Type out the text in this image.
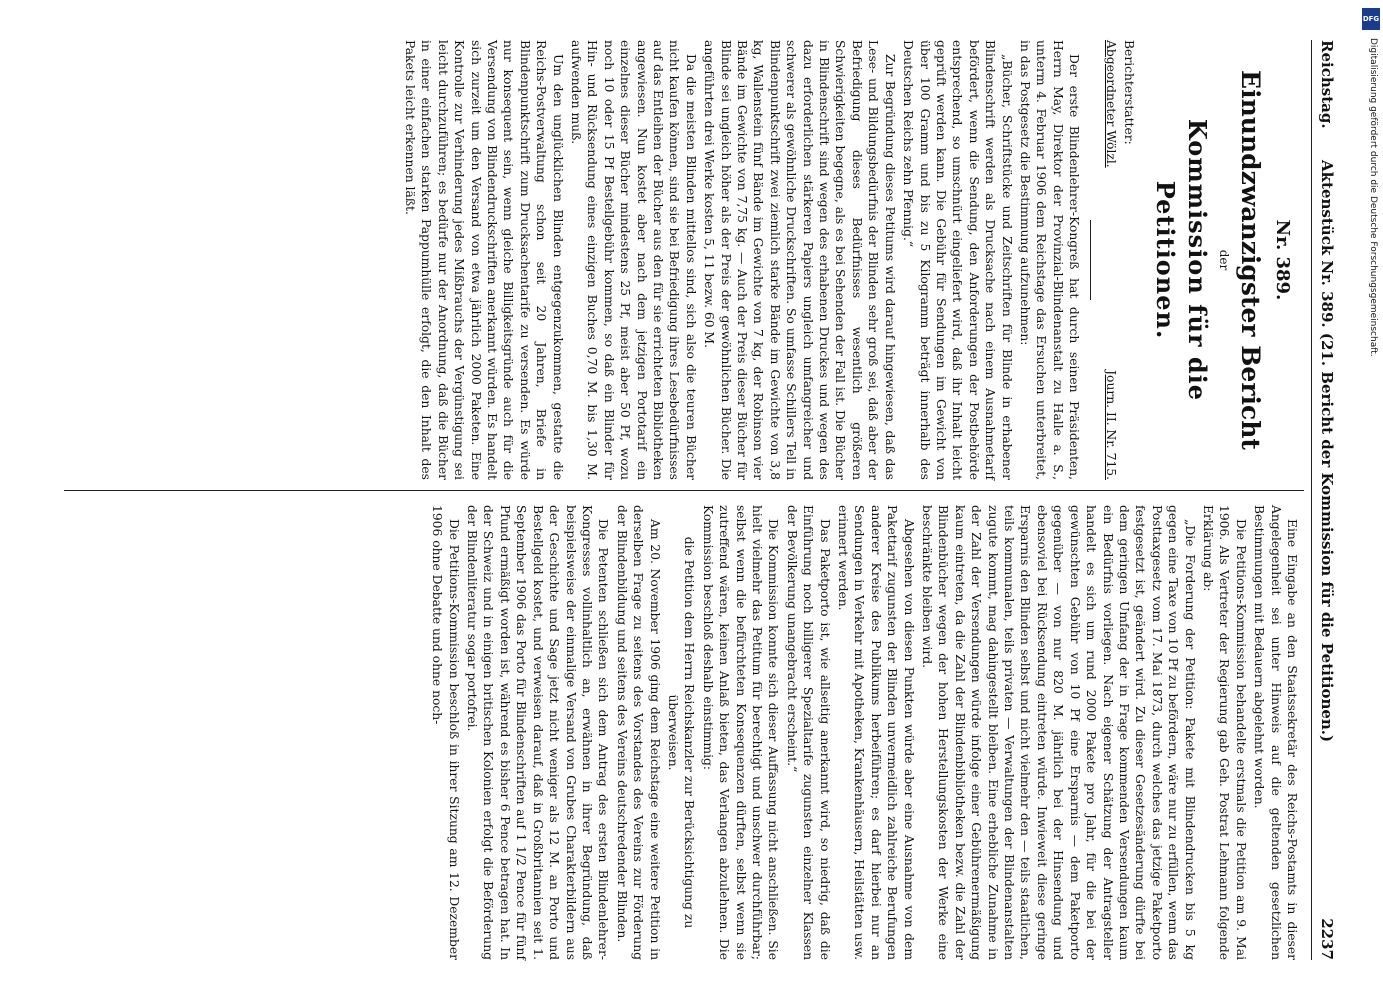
Reichstag.
Aktenstück Nr. 389. (21. Bericht der Kommission für die Petitionen.)
2237
Nr. 389.
Einundzwanzigster Bericht
der
Kommission für die Petitionen.
Berichterstatter:
Abgeordneter Wölzl.
Journ. II. Nr. 715.

Der erste Blindenlehrer-Kongreß hat durch seinen Präsidenten, Herrn May, Direktor der Provinzial-Blindenanstalt zu Halle a. S., unterm 4. Februar 1906 dem Reichstage das Ersuchen unterbreitet, in das Postgesetz die Bestimmung aufzunehmen:

„Bücher, Schriftstücke und Zeitschriften für Blinde in erhabener Blindenschrift werden als Drucksache nach einem Ausnahmetarif befördert, wenn die Sendung, den Anforderungen der Postbehörde entsprechend, so umschnürt eingeliefert wird, daß ihr Inhalt leicht geprüft werden kann. Die Gebühr für Sendungen im Gewicht von über 100 Gramm und bis zu 5 Kilogramm beträgt innerhalb des Deutschen Reichs zehn Pfennig.“

Zur Begründung dieses Petitums wird darauf hingewiesen, daß das Lese- und Bildungsbedürfnis der Blinden sehr groß sei, daß aber der Befriedigung dieses Bedürfnisses wesentlich größeren Schwierigkeiten begegne, als es bei Sehenden der Fall ist. Die Bücher in Blindenschrift sind wegen des erhabenen Druckes und wegen des dazu erforderlichen stärkeren Papiers ungleich umfangreicher und schwerer als gewöhnliche Druckschriften. So umfasse Schillers Tell in Blindenpunktschrift zwei ziemlich starke Bände im Gewichte von 3,8 kg, Wallenstein fünf Bände im Gewichte von 7 kg, der Robinson vier Bände im Gewichte von 7,75 kg. — Auch der Preis dieser Bücher für Blinde sei ungleich höher als der Preis der gewöhnlichen Bücher. Die angeführten drei Werke kosten 5, 11 bezw. 60 M.

Da die meisten Blinden mittellos sind, sich also die teuren Bücher nicht kaufen können, sind sie bei Befriedigung ihres Lesebedürfnisses auf das Entleihen der Bücher aus den für sie errichteten Bibliotheken angewiesen. Nun kostet aber nach dem jetzigen Portotarif ein einzelnes dieser Bücher mindestens 25 Pf, meist aber 50 Pf, wozu noch 10 oder 15 Pf Bestellgebühr kommen, so daß ein Blinder für Hin- und Rücksendung eines einzigen Buches 0,70 M. bis 1,30 M. aufwenden muß.

Um den unglücklichen Blinden entgegenzukommen, gestatte die Reichs-Postverwaltung schon seit 20 Jahren, Briefe in Blindenpunktschrift zum Drucksachentarife zu versenden. Es würde nur konsequent sein, wenn gleiche Billigkeitsgründe auch für die Versendung von Blindendruckschriften anerkannt würden. Es handelt sich zurzeit um den Versand von etwa jährlich 2000 Paketen. Eine Kontrolle zur Verhinderung jedes Mißbrauchs der Vergünstigung sei leicht durchzuführen; es bedürfe nur der Anordnung, daß die Bücher in einer einfachen starken Pappumhülle erfolgt, die den Inhalt des Pakets leicht erkennen läßt.

Eine Eingabe an den Staatssekretär des Reichs-Postamts in dieser Angelegenheit sei unter Hinweis auf die geltenden gesetzlichen Bestimmungen mit Bedauern abgelehnt worden.

Die Petitions-Kommission behandelte erstmals die Petition am 9. Mai 1906. Als Vertreter der Regierung gab Geh. Postrat Lehmann folgende Erklärung ab:

„Die Forderung der Petition: Pakete mit Blindendrucken bis 5 kg gegen eine Taxe von 10 Pf zu befördern, wäre nur zu erfüllen, wenn das Posttaxgesetz vom 17. Mai 1873, durch welches das jetzige Paketporto festgesetzt ist, geändert wird. Zu dieser Gesetzesänderung dürfte bei dem geringen Umfang der in Frage kommenden Versendungen kaum ein Bedürfnis vorliegen. Nach eigener Schätzung der Antragsteller handelt es sich um rund 2000 Pakete pro Jahr, für die bei der gewünschten Gebühr von 10 Pf eine Ersparnis — dem Paketporto gegenüber — von nur 820 M. jährlich bei der Hinsendung und ebensoviel bei Rücksendung eintreten würde. Inwieweit diese geringe Ersparnis den Blinden selbst und nicht vielmehr den — teils staatlichen, teils kommunalen, teils privaten — Verwaltungen der Blindenanstalten zugute kommt, mag dahingestellt bleiben. Eine erhebliche Zunahme in der Zahl der Versendungen würde infolge einer Gebührenermäßigung kaum eintreten, da die Zahl der Blindenbibliotheken bezw. die Zahl der Blindenbücher wegen der hohen Herstellungskosten der Werke eine beschränkte bleiben wird.

Abgesehen von diesen Punkten würde aber eine Ausnahme von dem Pakettarif zugunsten der Blinden unvermeidlich zahlreiche Berufungen anderer Kreise des Publikums herbeiführen; es darf hierbei nur an Sendungen in Verkehr mit Apotheken, Krankenhäusern, Heilstätten usw. erinnert werden.

Das Paketporto ist, wie allseitig anerkannt wird, so niedrig, daß die Einführung noch billigerer Spezialtarife zugunsten einzelner Klassen der Bevölkerung unangebracht erscheint.“

Die Kommission konnte sich dieser Auffassung nicht anschließen. Sie hielt vielmehr das Petitum für berechtigt und unschwer durchführbar; selbst wenn die befürchteten Konsequenzen dürften, selbst wenn sie zutreffend wären, keinen Anlaß bieten, das Verlangen abzulehnen. Die Kommission beschloß deshalb einstimmig:

die Petition dem Herrn Reichskanzler zur Berücksichtigung zu überweisen.

Am 20. November 1906 ging dem Reichstage eine weitere Petition in derselben Frage zu seitens des Vorstandes des Vereins zur Förderung der Blindenbildung und seitens des Vereins deutschredender Blinden.

Die Petenten schließen sich dem Antrag des ersten Blindenlehrer-Kongresses vollinhaltlich an, erwähnen in ihrer Begründung, daß beispielsweise der einmalige Versand von Grubes Charakterbildern aus der Geschichte und Sage jetzt nicht weniger als 12 M. an Porto und Bestellgeld kostet, und verweisen darauf, daß in Großbritannien seit 1. September 1906 das Porto für Blindenschriften auf 1 1/2 Pence für fünf Pfund ermäßigt worden ist, während es bisher 6 Pence betragen hat. In der Schweiz und in einigen britischen Kolonien erfolgt die Beförderung der Blindenliteratur sogar portofrei.

Die Petitions-Kommission beschloß in ihrer Sitzung am 12. Dezember 1906 ohne Debatte und ohne noch-

DFG
Digitalisierung gefördert durch die Deutsche Forschungsgemeinschaft.
